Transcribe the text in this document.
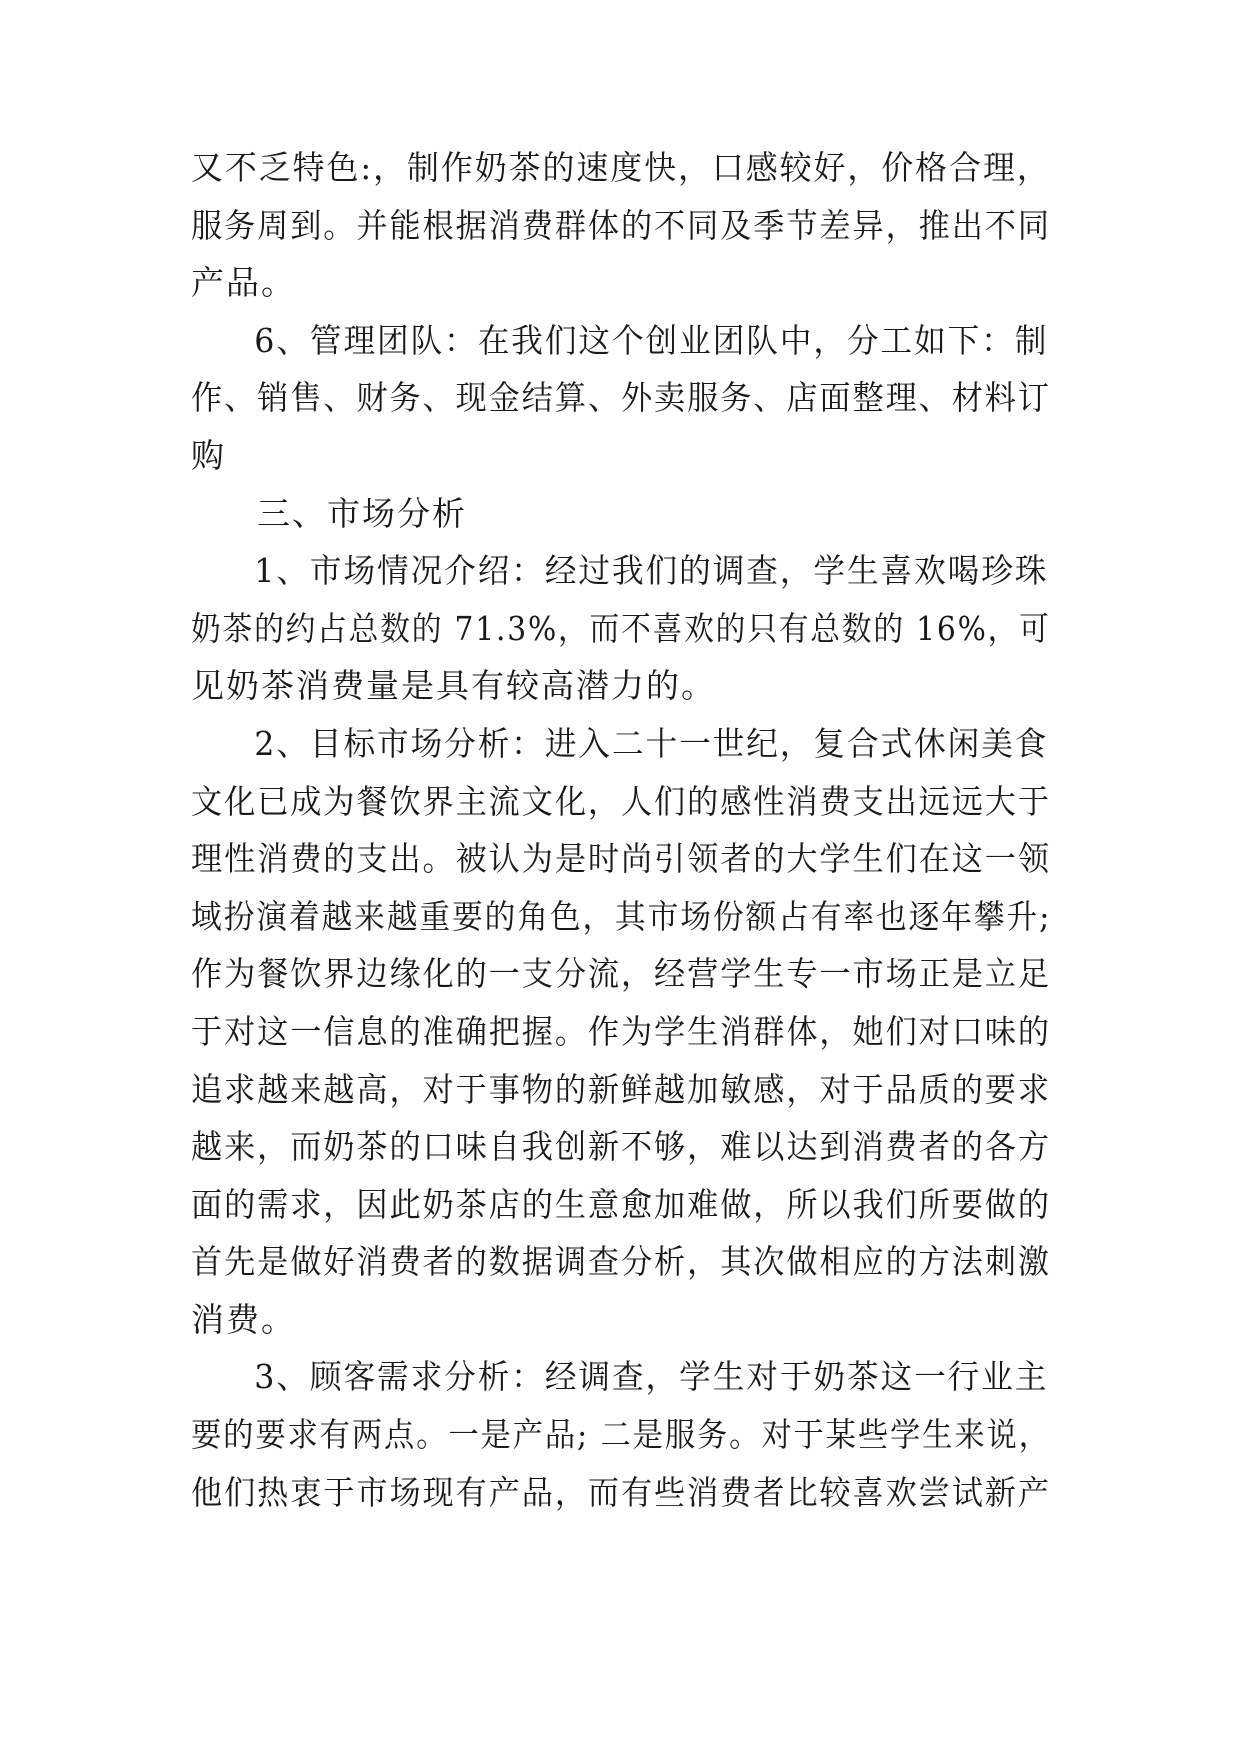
又不乏特色:，制作奶茶的速度快，口感较好，价格合理，
服务周到。并能根据消费群体的不同及季节差异，推出不同
产品。
6、管理团队：在我们这个创业团队中，分工如下：制
作、销售、财务、现金结算、外卖服务、店面整理、材料订
购
三、市场分析
1、市场情况介绍：经过我们的调查，学生喜欢喝珍珠
奶茶的约占总数的 71.3%，而不喜欢的只有总数的 16%，可
见奶茶消费量是具有较高潜力的。
2、目标市场分析：进入二十一世纪，复合式休闲美食
文化已成为餐饮界主流文化，人们的感性消费支出远远大于
理性消费的支出。被认为是时尚引领者的大学生们在这一领
域扮演着越来越重要的角色，其市场份额占有率也逐年攀升;
作为餐饮界边缘化的一支分流，经营学生专一市场正是立足
于对这一信息的准确把握。作为学生消群体，她们对口味的
追求越来越高，对于事物的新鲜越加敏感，对于品质的要求
越来，而奶茶的口味自我创新不够，难以达到消费者的各方
面的需求，因此奶茶店的生意愈加难做，所以我们所要做的
首先是做好消费者的数据调查分析，其次做相应的方法刺激
消费。
3、顾客需求分析：经调查，学生对于奶茶这一行业主
要的要求有两点。一是产品; 二是服务。对于某些学生来说，
他们热衷于市场现有产品，而有些消费者比较喜欢尝试新产
